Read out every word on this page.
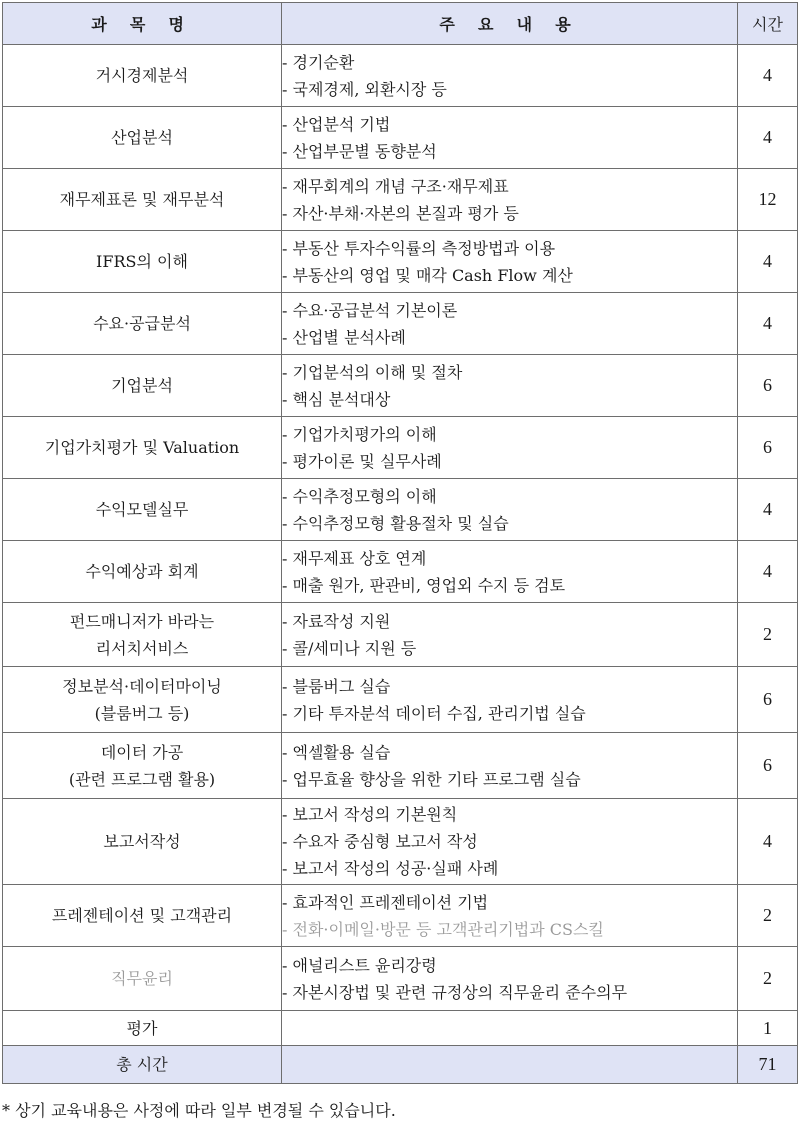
과 목 명	주 요 내 용	시간

거시경제분석	- 경기순환
- 국제경제, 외환시장 등	4

산업분석	- 산업분석 기법
- 산업부문별 동향분석	4

재무제표론 및 재무분석	- 재무회계의 개념 구조·재무제표
- 자산·부채·자본의 본질과 평가 등	12

IFRS의 이해	- 부동산 투자수익률의 측정방법과 이용
- 부동산의 영업 및 매각 Cash Flow 계산	4

수요·공급분석	- 수요·공급분석 기본이론
- 산업별 분석사례	4

기업분석	- 기업분석의 이해 및 절차
- 핵심 분석대상	6

기업가치평가 및 Valuation	- 기업가치평가의 이해
- 평가이론 및 실무사례	6

수익모델실무	- 수익추정모형의 이해
- 수익추정모형 활용절차 및 실습	4

수익예상과 회계	- 재무제표 상호 연계
- 매출 원가, 판관비, 영업외 수지 등 검토	4

펀드매니저가 바라는
리서치서비스	- 자료작성 지원
- 콜/세미나 지원 등	2

정보분석·데이터마이닝
(블룸버그 등)	- 블룸버그 실습
- 기타 투자분석 데이터 수집, 관리기법 실습	6

데이터 가공
(관련 프로그램 활용)	- 엑셀활용 실습
- 업무효율 향상을 위한 기타 프로그램 실습	6

보고서작성	- 보고서 작성의 기본원칙
- 수요자 중심형 보고서 작성
- 보고서 작성의 성공·실패 사례	4

프레젠테이션 및 고객관리	- 효과적인 프레젠테이션 기법
- 전화·이메일·방문 등 고객관리기법과 CS스킬	2

직무윤리	- 애널리스트 윤리강령
- 자본시장법 및 관련 규정상의 직무윤리 준수의무	2

평가		1
총 시간		71
* 상기 교육내용은 사정에 따라 일부 변경될 수 있습니다.
